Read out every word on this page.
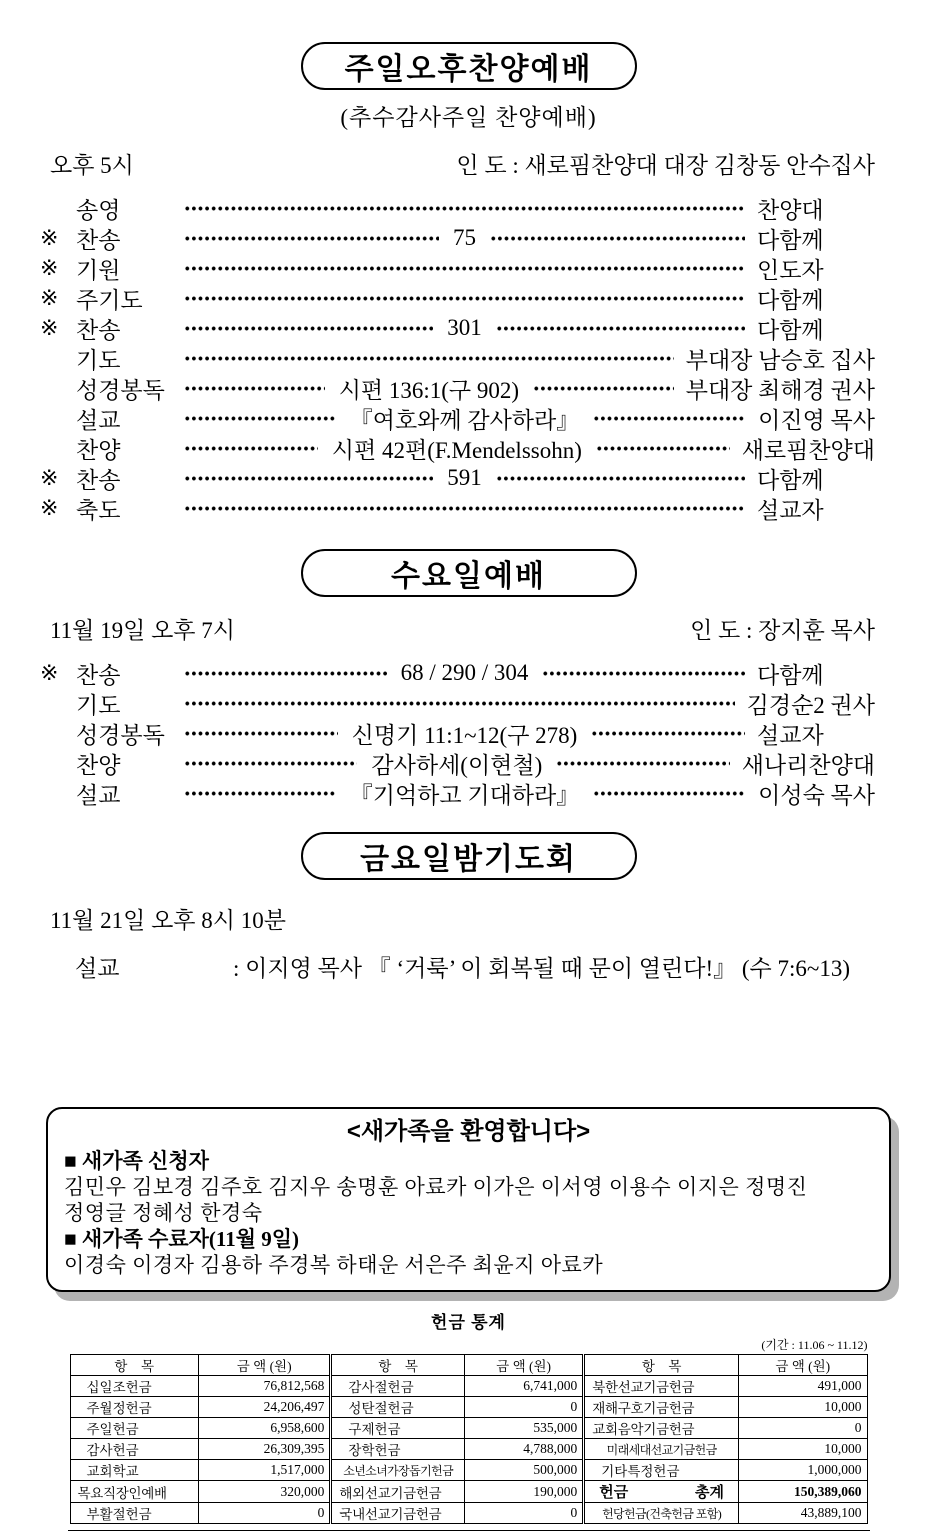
주일오후찬양예배
(추수감사주일 찬양예배)
오후 5시	인 도 : 새로핌찬양대 대장 김창동 안수집사
송영	찬양대
※ 찬송	75	다함께
※ 기원	인도자
※ 주기도	다함께
※ 찬송	301	다함께
기도	부대장 남승호 집사
성경봉독	시편 136:1(구 902)	부대장 최해경 권사
설교	『여호와께 감사하라』	이진영 목사
찬양	시편 42편(F.Mendelssohn)	새로핌찬양대
※ 찬송	591	다함께
※ 축도	설교자
수요일예배
11월 19일 오후 7시	인 도 : 장지훈 목사
※ 찬송	68 / 290 / 304	다함께
기도	김경순2 권사
성경봉독	신명기 11:1~12(구 278)	설교자
찬양	감사하세(이현철)	새나리찬양대
설교	『기억하고 기대하라』	이성숙 목사
금요일밤기도회
11월 21일 오후 8시 10분
설교	: 이지영 목사 『 ‘거룩’ 이 회복될 때 문이 열린다!』 (수 7:6~13)
<새가족을 환영합니다>
■ 새가족 신청자
김민우 김보경 김주호 김지우 송명훈 아료카 이가은 이서영 이용수 이지은 정명진
정영글 정혜성 한경숙
■ 새가족 수료자(11월 9일)
이경숙 이경자 김용하 주경복 하태운 서은주 최윤지 아료카
헌금 통계
(기간 : 11.06 ~ 11.12)
항    목	금 액 (원)	항    목	금 액 (원)	항    목	금 액 (원)

십일조헌금	76,812,568	감사절헌금	6,741,000	북한선교기금헌금	491,000

주월정헌금	24,206,497	성탄절헌금	0	재해구호기금헌금	10,000

주일헌금	6,958,600	구제헌금	535,000	교회음악기금헌금	0

감사헌금	26,309,395	장학헌금	4,788,000	미래세대선교기금헌금	10,000

교회학교	1,517,000	소년소녀가장돕기헌금	500,000	기타특정헌금	1,000,000

목요직장인예배	320,000	해외선교기금헌금	190,000	헌금 총계	150,389,060

부활절헌금	0	국내선교기금헌금	0	헌당헌금(건축헌금 포함)	43,889,100
